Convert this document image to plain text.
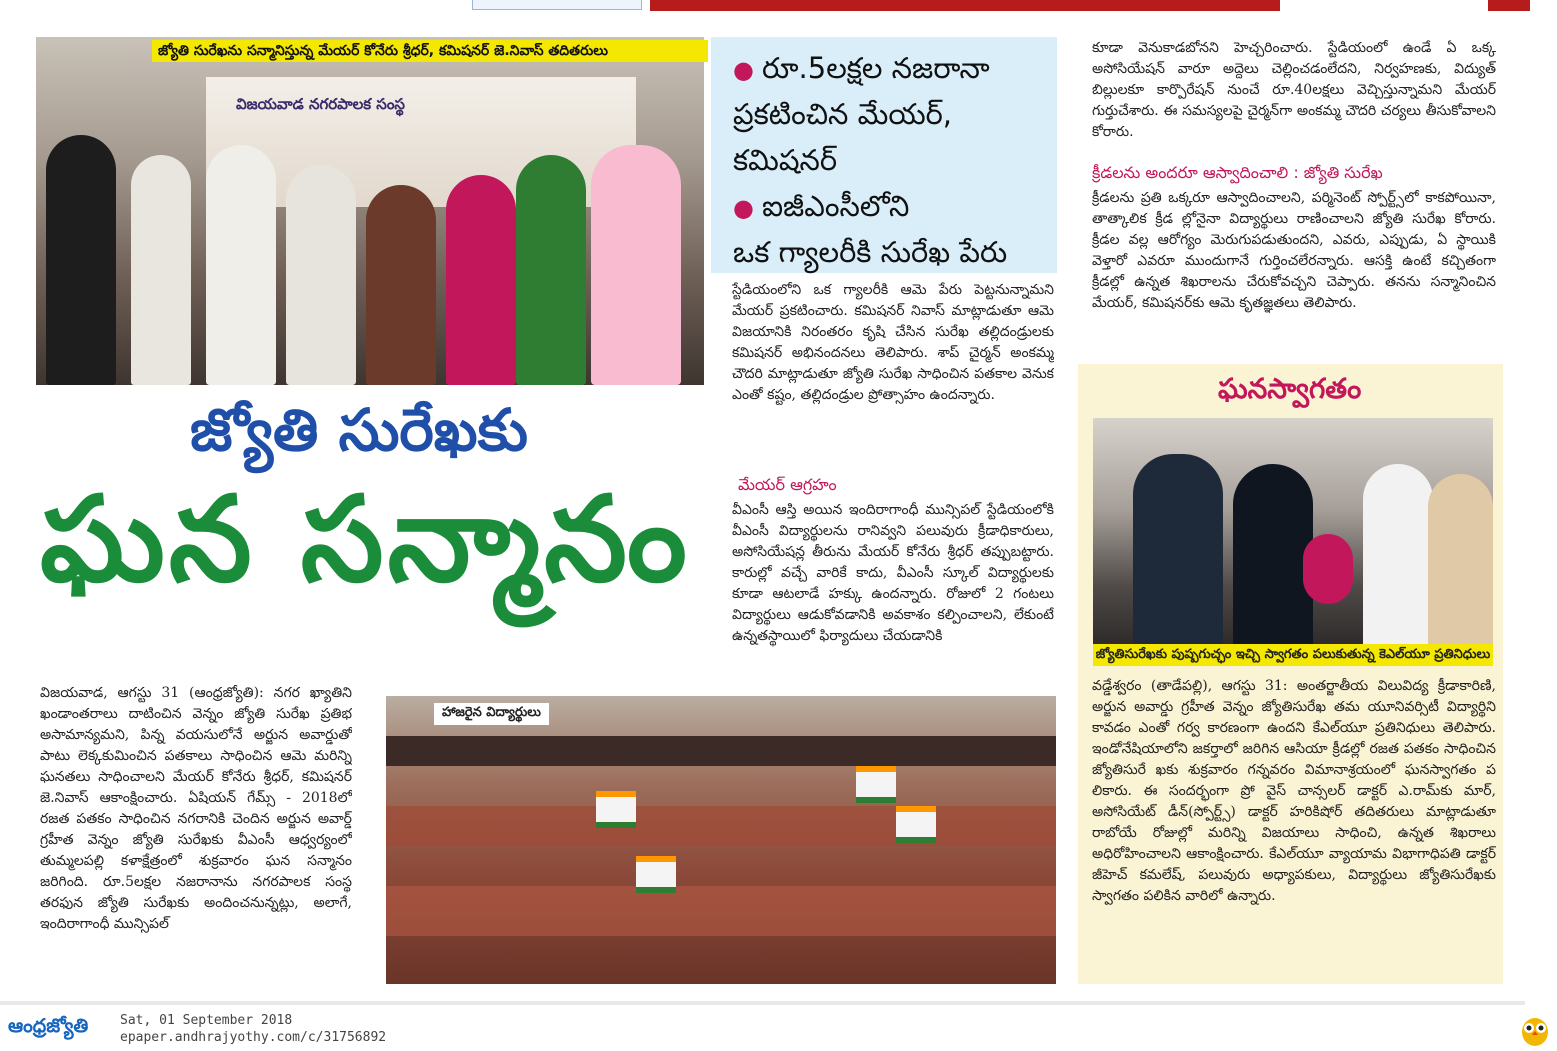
విజయవాడ నగరపాలక సంస్థ
జ్యోతి సురేఖను సన్మానిస్తున్న మేయర్ కోనేరు శ్రీధర్, కమిషనర్ జె.నివాస్ తదితరులు
● రూ.5లక్షల నజరానా
ప్రకటించిన మేయర్,
కమిషనర్
● ఐజీఎంసీలోని
ఒక గ్యాలరీకి సురేఖ పేరు
జ్యోతి సురేఖకు
ఘన సన్మానం
స్టేడియంలోని ఒక గ్యాలరీకి ఆమె పేరు పెట్టనున్నామని మేయర్ ప్రకటించారు. కమిషనర్ నివాస్ మాట్లాడుతూ ఆమె విజయానికి నిరంతరం కృషి చేసిన సురేఖ తల్లిదండ్రులకు కమిషనర్ అభినందనలు తెలిపారు. శాప్ చైర్మన్ అంకమ్మ చౌదరి మాట్లాడుతూ జ్యోతి సురేఖ సాధించిన పతకాల వెనుక ఎంతో కష్టం, తల్లిదండ్రుల ప్రోత్సాహం ఉందన్నారు.
మేయర్ ఆగ్రహం
వీఎంసీ ఆస్తి అయిన ఇందిరాగాంధీ మున్సిపల్ స్టేడియంలోకి వీఎంసీ విద్యార్థులను రానివ్వని పలువురు క్రీడాధికారులు, అసోసియేషన్ల తీరును మేయర్ కోనేరు శ్రీధర్ తప్పుబట్టారు. కారుల్లో వచ్చే వారికే కాదు, వీఎంసీ స్కూల్ విద్యార్థులకు కూడా ఆటలాడే హక్కు ఉందన్నారు. రోజులో 2 గంటలు విద్యార్థులు ఆడుకోవడానికి అవకాశం కల్పించాలని, లేకుంటే ఉన్నతస్థాయిలో ఫిర్యాదులు చేయడానికి
కూడా వెనుకాడబోనని హెచ్చరించారు. స్టేడియంలో ఉండే ఏ ఒక్క అసోసియేషన్ వారూ అద్దెలు చెల్లించడంలేదని, నిర్వహణకు, విద్యుత్ బిల్లులకూ కార్పొరేషన్ నుంచే రూ.40లక్షలు వెచ్చిస్తున్నామని మేయర్ గుర్తుచేశారు. ఈ సమస్యలపై చైర్మన్‌గా అంకమ్మ చౌదరి చర్యలు తీసుకోవాలని కోరారు.
క్రీడలను అందరూ ఆస్వాదించాలి : జ్యోతి సురేఖ
క్రీడలను ప్రతి ఒక్కరూ ఆస్వాదించాలని, పర్మినెంట్ స్పోర్ట్స్‌లో కాకపోయినా, తాత్కాలిక క్రీడ ల్లోనైనా విద్యార్థులు రాణించాలని జ్యోతి సురేఖ కోరారు. క్రీడల వల్ల ఆరోగ్యం మెరుగుపడుతుందని, ఎవరు, ఎప్పుడు, ఏ స్థాయికి వెళ్తారో ఎవరూ ముందుగానే గుర్తించలేరన్నారు. ఆసక్తి ఉంటే కచ్చితంగా క్రీడల్లో ఉన్నత శిఖరాలను చేరుకోవచ్చని చెప్పారు. తనను సన్మానించిన మేయర్, కమిషనర్‌కు ఆమె కృతజ్ఞతలు తెలిపారు.
ఘనస్వాగతం
జ్యోతిసురేఖకు పుష్పగుచ్ఛం ఇచ్చి స్వాగతం పలుకుతున్న కెఎల్‌యూ ప్రతినిధులు
వడ్డేశ్వరం (తాడేపల్లి), ఆగస్టు 31: అంతర్జాతీయ విలువిద్య క్రీడాకారిణి, అర్జున అవార్డు గ్రహీత వెన్నం జ్యోతిసురేఖ తమ యూనివర్సిటీ విద్యార్థిని కావడం ఎంతో గర్వ కారణంగా ఉందని కేఎల్‌యూ ప్రతినిధులు తెలిపారు. ఇండోనేషియాలోని జకర్తాలో జరిగిన ఆసియా క్రీడల్లో రజత పతకం సాధించిన జ్యోతిసురే ఖకు శుక్రవారం గన్నవరం విమానాశ్రయంలో ఘనస్వాగతం ప లికారు. ఈ సందర్భంగా ప్రో వైస్ చాన్సలర్ డాక్టర్ ఎ.రామ్‌కు మార్, అసోసియేట్ డీన్(స్పోర్ట్స్) డాక్టర్ హరికిషోర్ తదితరులు మాట్లాడుతూ రాబోయే రోజుల్లో మరిన్ని విజయాలు సాధించి, ఉన్నత శిఖరాలు అధిరోహించాలని ఆకాంక్షించారు. కేఎల్‌యూ వ్యాయామ విభాగాధిపతి డాక్టర్ జీహెచ్ కమలేష్, పలువురు అధ్యాపకులు, విద్యార్థులు జ్యోతిసురేఖకు స్వాగతం పలికిన వారిలో ఉన్నారు.
విజయవాడ, ఆగస్టు 31 (ఆంధ్రజ్యోతి): నగర ఖ్యాతిని ఖండాంతరాలు దాటించిన వెన్నం జ్యోతి సురేఖ ప్రతిభ అసామాన్యమని, పిన్న వయసులోనే అర్జున అవార్డుతో పాటు లెక్కకుమించిన పతకాలు సాధించిన ఆమె మరిన్ని ఘనతలు సాధించాలని మేయర్ కోనేరు శ్రీధర్, కమిషనర్ జె.నివాస్ ఆకాంక్షించారు. ఏషియన్ గేమ్స్ - 2018లో రజత పతకం సాధించిన నగరానికి చెందిన అర్జున అవార్డ్ గ్రహీత వెన్నం జ్యోతి సురేఖకు వీఎంసీ ఆధ్వర్యంలో తుమ్మలపల్లి కళాక్షేత్రంలో శుక్రవారం ఘన సన్మానం జరిగింది. రూ.5లక్షల నజరానాను నగరపాలక సంస్థ తరఫున జ్యోతి సురేఖకు అందించనున్నట్లు, అలాగే, ఇందిరాగాంధీ మున్సిపల్
హాజరైన విద్యార్థులు
ఆంధ్రజ్యోతి	Sat, 01 September 2018
epaper.andhrajyothy.com/c/31756892
